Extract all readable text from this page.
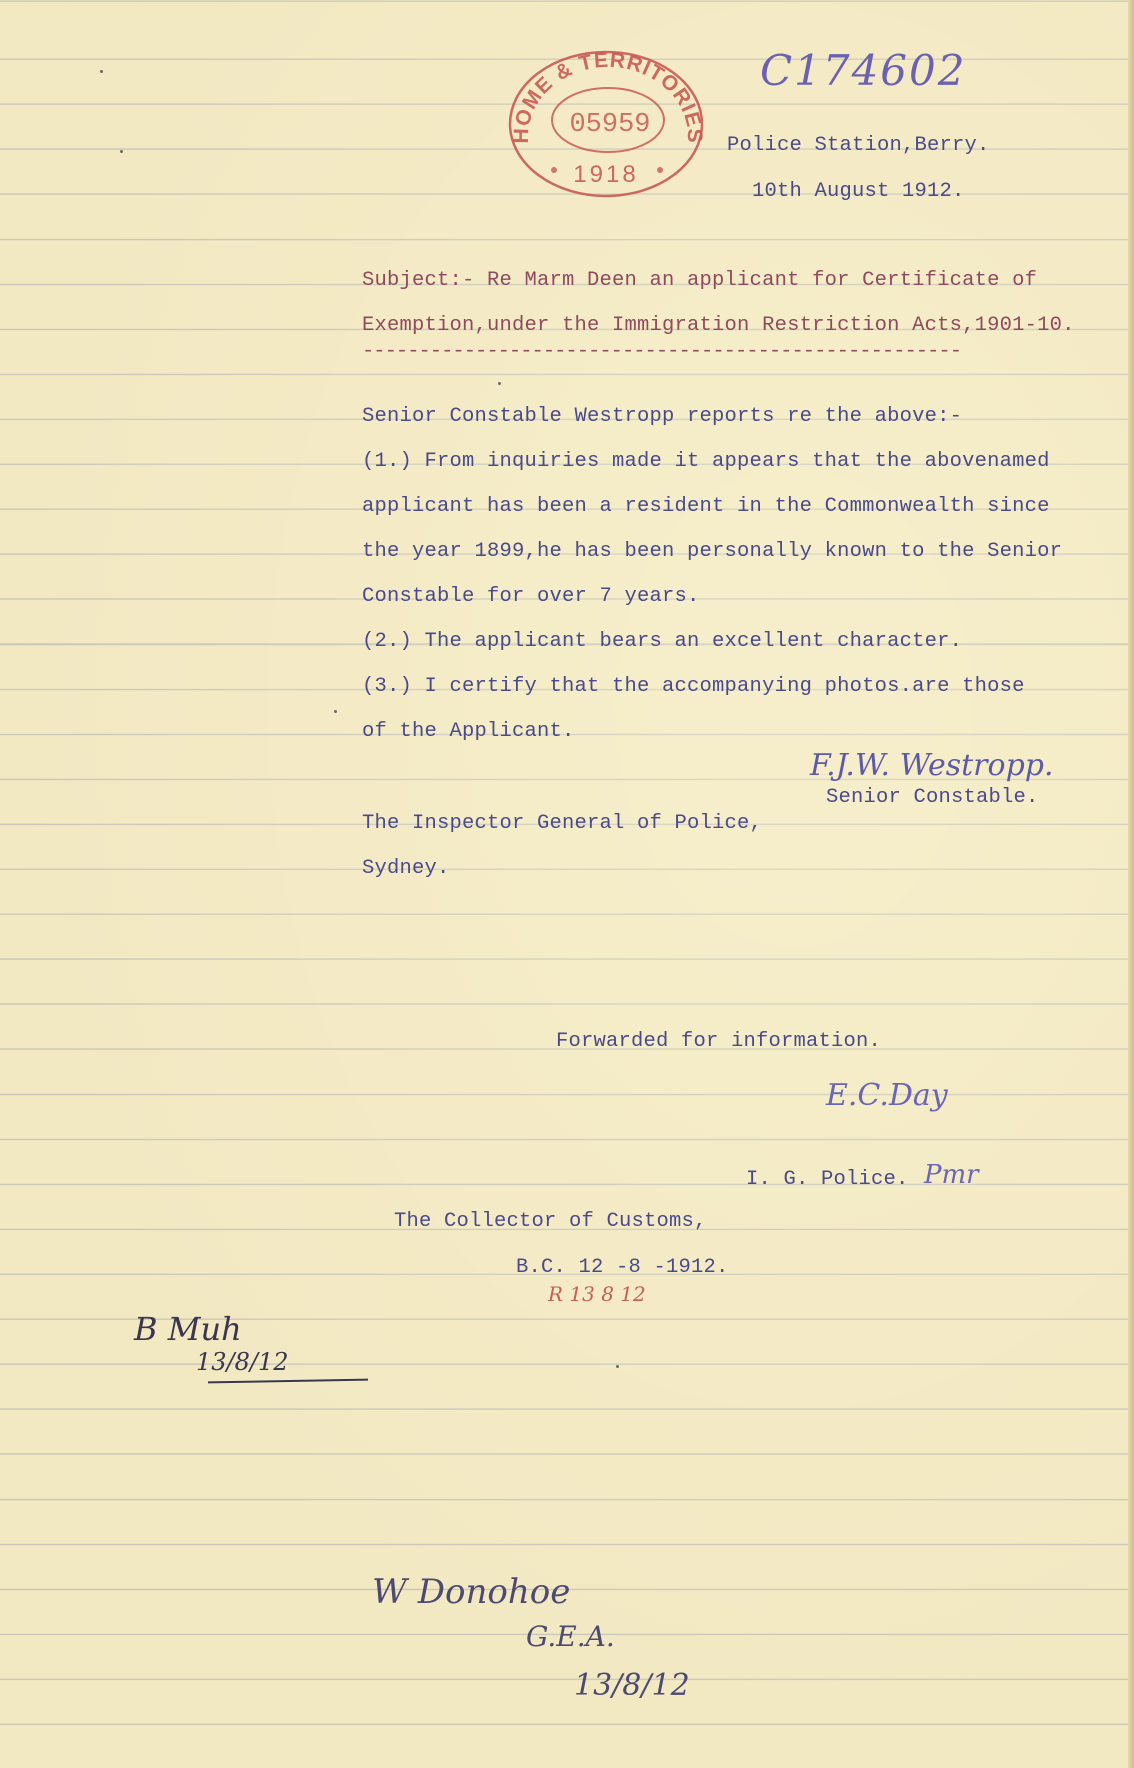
HOME & TERRITORIES
05959
1918
C174602
Police Station,Berry.
10th August 1912.
Subject:- Re Marm Deen an applicant for Certificate of
Exemption,under the Immigration Restriction Acts,1901-10.
-----------------------------------------------------
Senior Constable Westropp reports re the above:-
(1.) From inquiries made it appears that the abovenamed
applicant has been a resident in the Commonwealth since
the year 1899,he has been personally known to the Senior
Constable for over 7 years.
(2.) The applicant bears an excellent character.
(3.) I certify that the accompanying photos.are those
of the Applicant.
F.J.W. Westropp.
Senior Constable.
The Inspector General of Police,
Sydney.
Forwarded for information.
E.C.Day
I. G. Police. Pmr
The Collector of Customs,
B.C. 12 -8 -1912.
R 13 8 12
B Muh
13/8/12
W Donohoe
G.E.A.
13/8/12
